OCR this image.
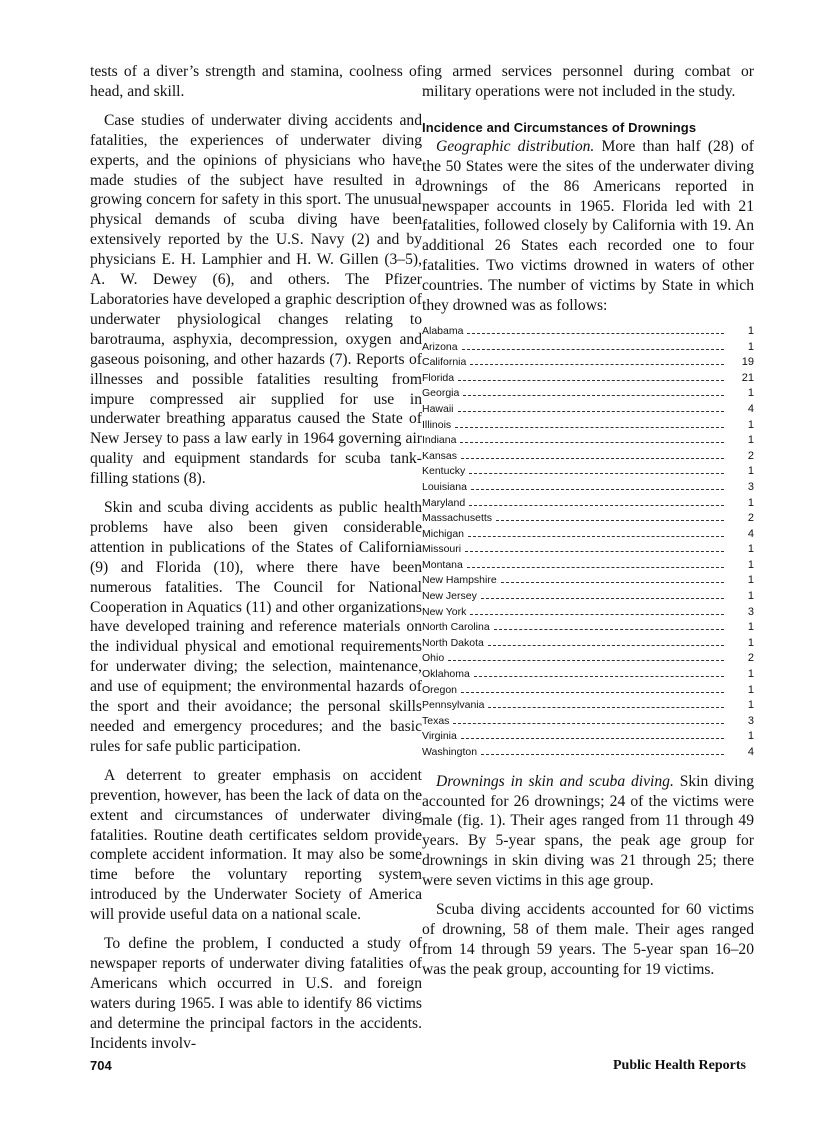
tests of a diver’s strength and stamina, coolness of head, and skill.

Case studies of underwater diving accidents and fatalities, the experiences of underwater diving experts, and the opinions of physicians who have made studies of the subject have resulted in a growing concern for safety in this sport. The unusual physical demands of scuba diving have been extensively reported by the U.S. Navy (2) and by physicians E. H. Lamphier and H. W. Gillen (3–5), A. W. Dewey (6), and others. The Pfizer Laboratories have developed a graphic description of underwater physiological changes relating to barotrauma, asphyxia, decompression, oxygen and gaseous poisoning, and other hazards (7). Reports of illnesses and possible fatalities resulting from impure compressed air supplied for use in underwater breathing apparatus caused the State of New Jersey to pass a law early in 1964 governing air quality and equipment standards for scuba tank-filling stations (8).

Skin and scuba diving accidents as public health problems have also been given considerable attention in publications of the States of California (9) and Florida (10), where there have been numerous fatalities. The Council for National Cooperation in Aquatics (11) and other organizations have developed training and reference materials on the individual physical and emotional requirements for underwater diving; the selection, maintenance, and use of equipment; the environmental hazards of the sport and their avoidance; the personal skills needed and emergency procedures; and the basic rules for safe public participation.

A deterrent to greater emphasis on accident prevention, however, has been the lack of data on the extent and circumstances of underwater diving fatalities. Routine death certificates seldom provide complete accident information. It may also be some time before the voluntary reporting system introduced by the Underwater Society of America will provide useful data on a national scale.

To define the problem, I conducted a study of newspaper reports of underwater diving fatalities of Americans which occurred in U.S. and foreign waters during 1965. I was able to identify 86 victims and determine the principal factors in the accidents. Incidents involv-

ing armed services personnel during combat or military operations were not included in the study.

Incidence and Circumstances of Drownings

Geographic distribution. More than half (28) of the 50 States were the sites of the underwater diving drownings of the 86 Americans reported in newspaper accounts in 1965. Florida led with 21 fatalities, followed closely by California with 19. An additional 26 States each recorded one to four fatalities. Two victims drowned in waters of other countries. The number of victims by State in which they drowned was as follows:

Alabama	1
Arizona	1
California	19
Florida	21
Georgia	1
Hawaii	4
Illinois	1
Indiana	1
Kansas	2
Kentucky	1
Louisiana	3
Maryland	1
Massachusetts	2
Michigan	4
Missouri	1
Montana	1
New Hampshire	1
New Jersey	1
New York	3
North Carolina	1
North Dakota	1
Ohio	2
Oklahoma	1
Oregon	1
Pennsylvania	1
Texas	3
Virginia	1
Washington	4

Drownings in skin and scuba diving. Skin diving accounted for 26 drownings; 24 of the victims were male (fig. 1). Their ages ranged from 11 through 49 years. By 5-year spans, the peak age group for drownings in skin diving was 21 through 25; there were seven victims in this age group.

Scuba diving accidents accounted for 60 victims of drowning, 58 of them male. Their ages ranged from 14 through 59 years. The 5-year span 16–20 was the peak group, accounting for 19 victims.

704	Public Health Reports
